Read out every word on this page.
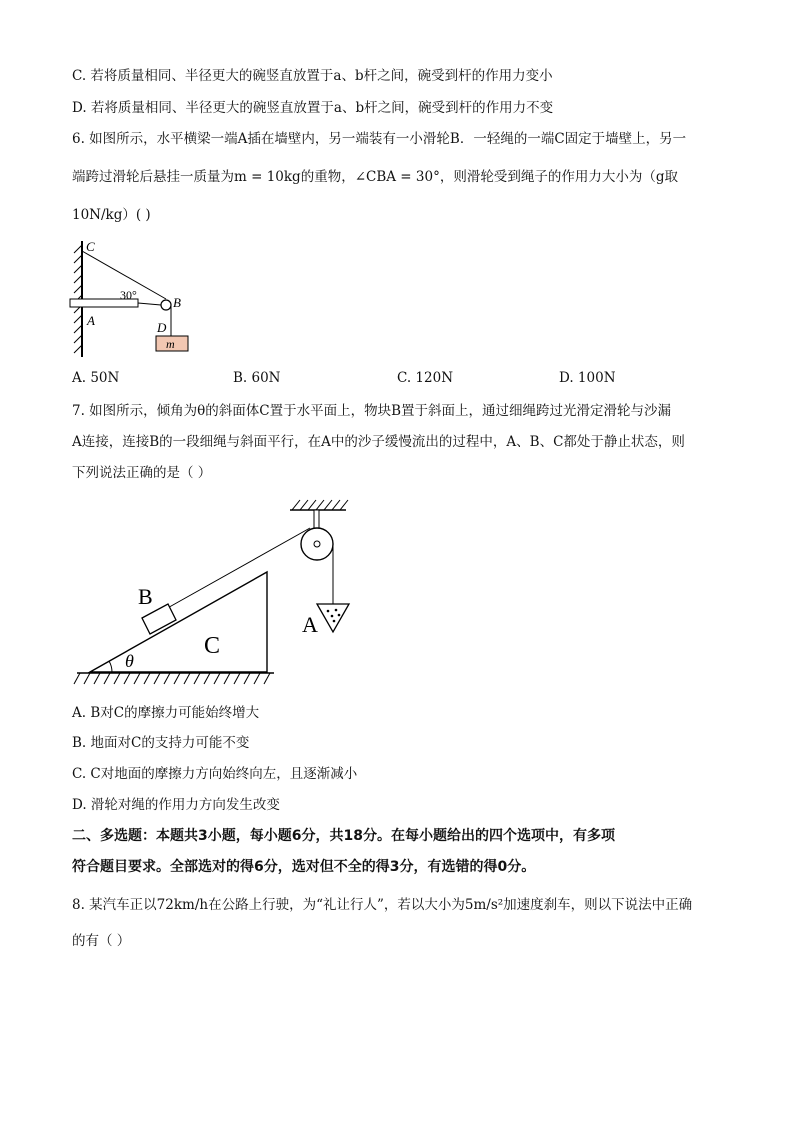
C. 若将质量相同、半径更大的碗竖直放置于a、b杆之间，碗受到杆的作用力变小
D. 若将质量相同、半径更大的碗竖直放置于a、b杆之间，碗受到杆的作用力不变
6. 如图所示，水平横梁一端A插在墙壁内，另一端装有一小滑轮B．一轻绳的一端C固定于墙壁上，另一
端跨过滑轮后悬挂一质量为m = 10kg的重物，∠CBA = 30°，则滑轮受到绳子的作用力大小为（g取
10N/kg）( )
C
30°	B
A	D
m
A. 50N	B. 60N	C. 120N	D. 100N
7. 如图所示，倾角为θ的斜面体C置于水平面上，物块B置于斜面上，通过细绳跨过光滑定滑轮与沙漏
A连接，连接B的一段细绳与斜面平行，在A中的沙子缓慢流出的过程中，A、B、C都处于静止状态，则
下列说法正确的是（ ）
B
C
A
θ
A. B对C的摩擦力可能始终增大
B. 地面对C的支持力可能不变
C. C对地面的摩擦力方向始终向左，且逐渐减小
D. 滑轮对绳的作用力方向发生改变
二、多选题：本题共3小题，每小题6分，共18分。在每小题给出的四个选项中，有多项
符合题目要求。全部选对的得6分，选对但不全的得3分，有选错的得0分。
8. 某汽车正以72km/h在公路上行驶，为“礼让行人”，若以大小为5m/s²加速度刹车，则以下说法中正确
的有（ ）
